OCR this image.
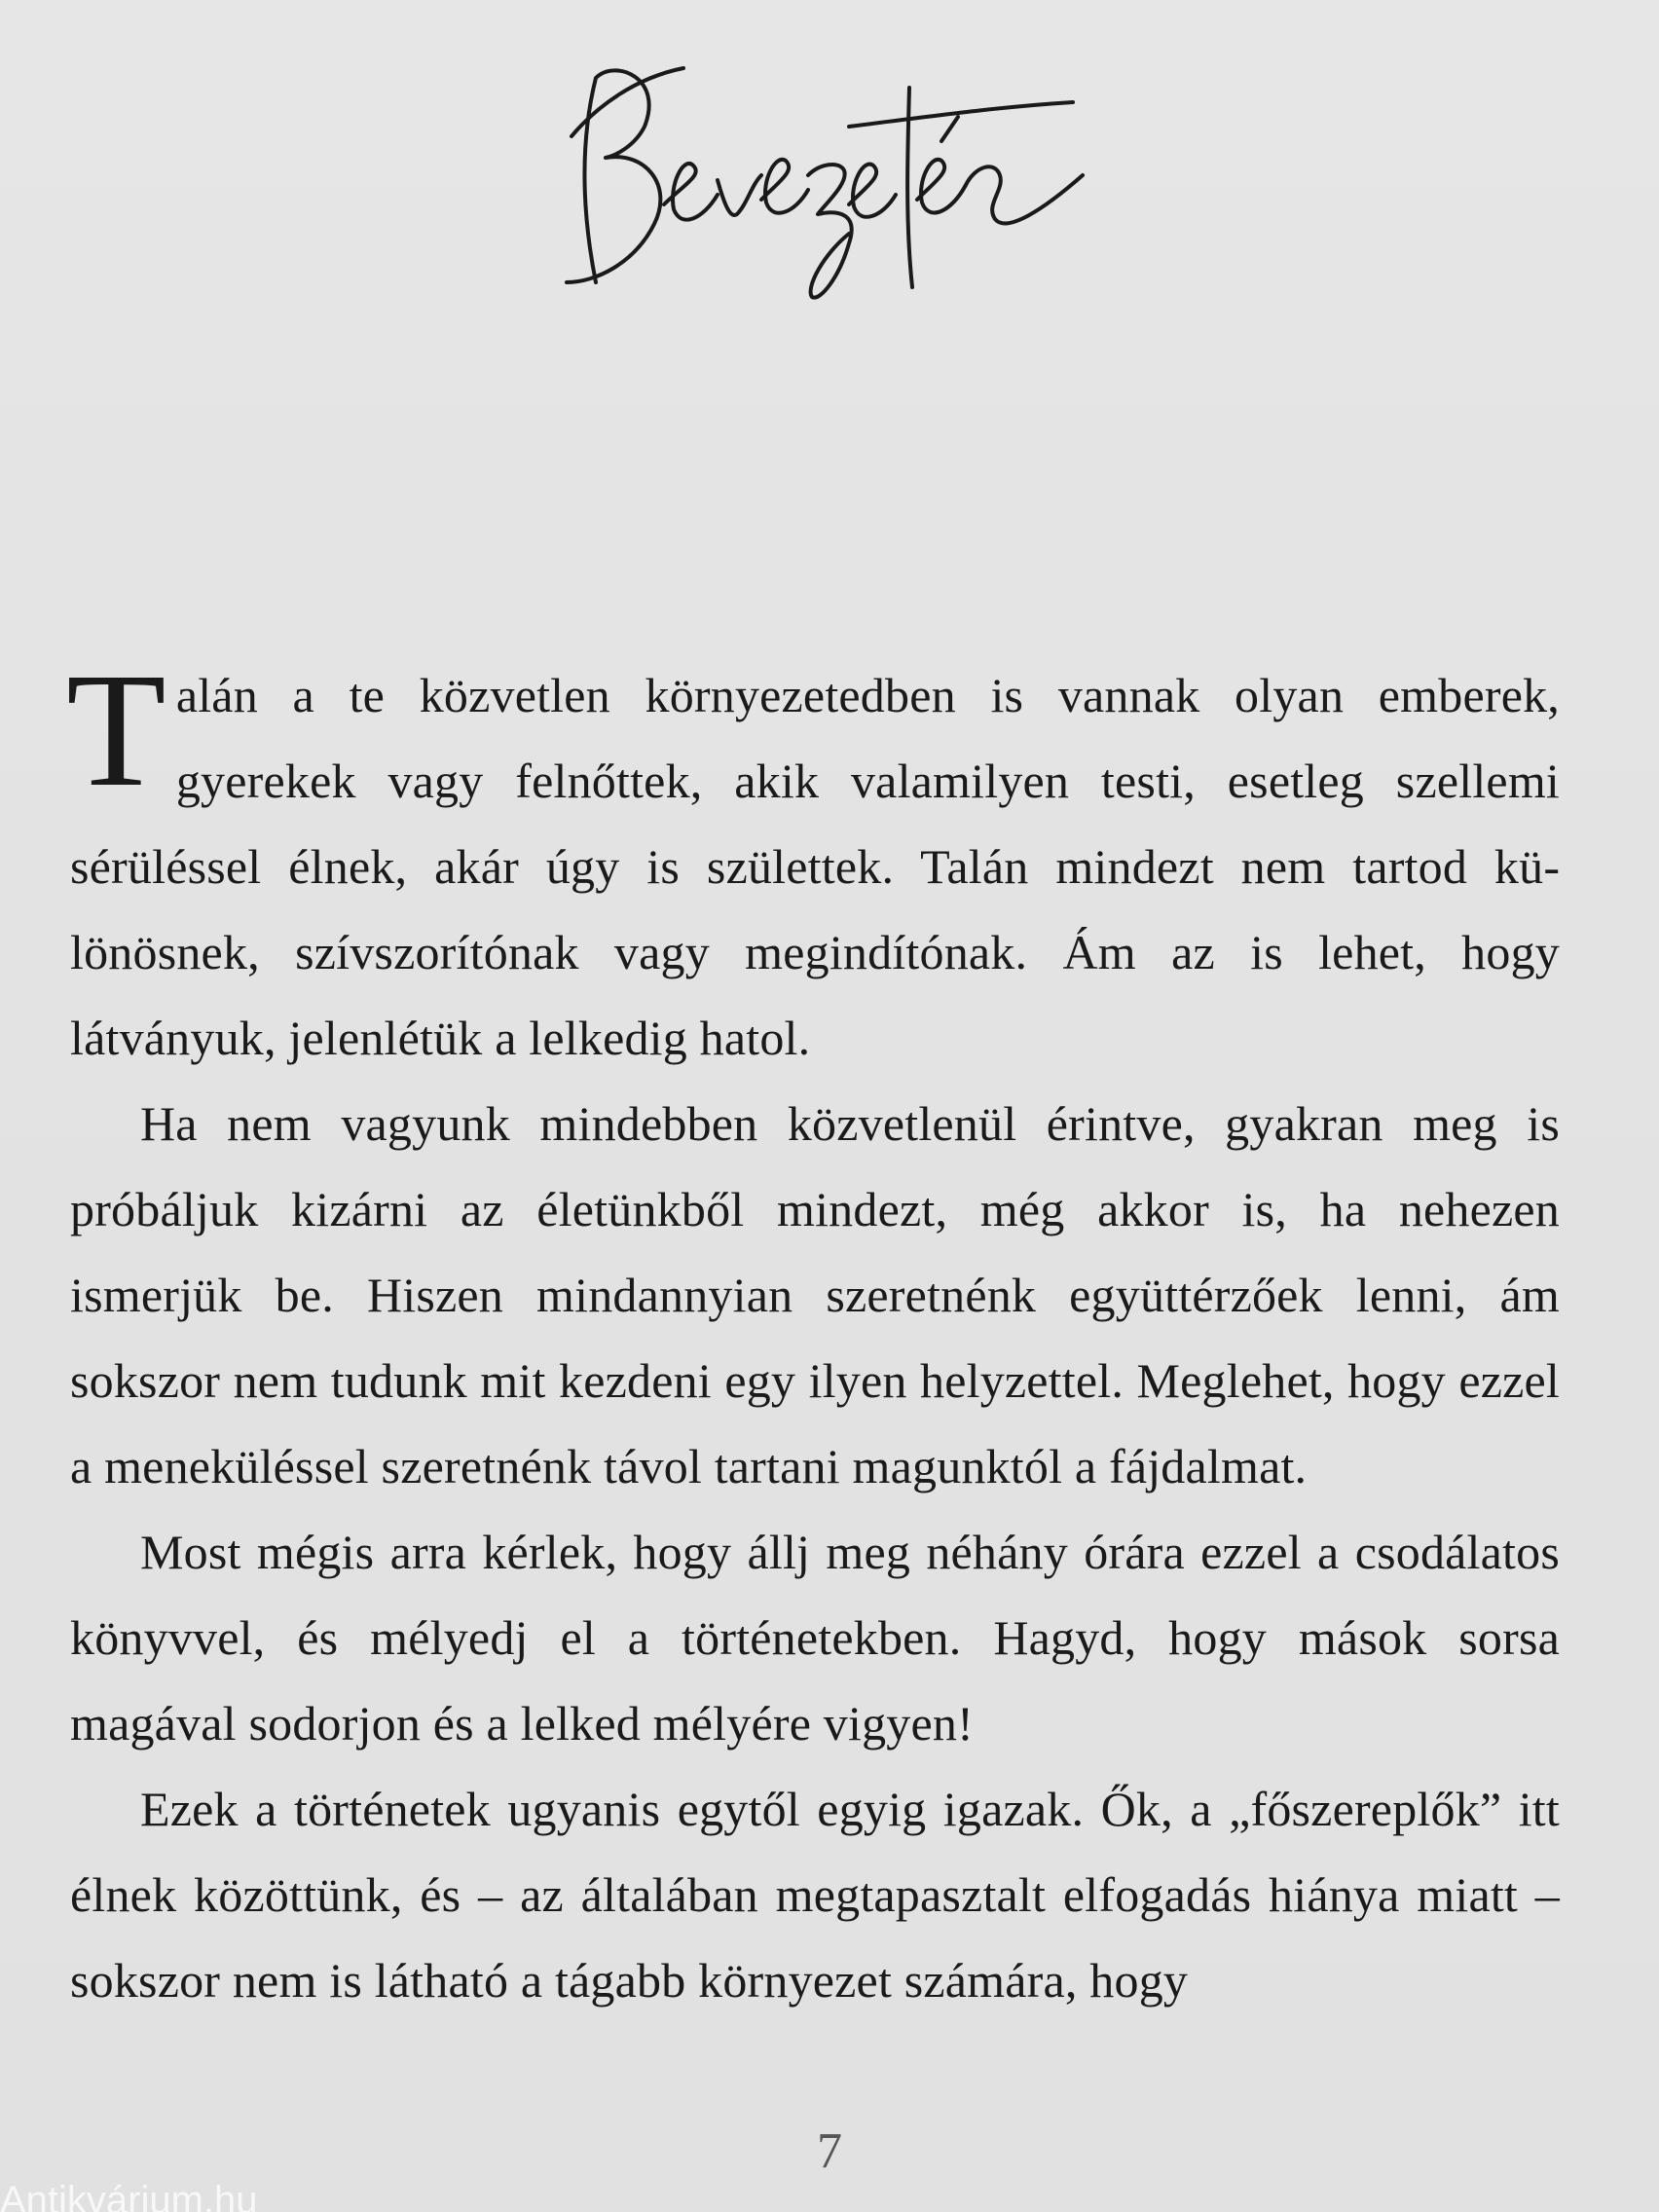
Talán a te közvetlen környezetedben is vannak olyan emberek, gyerekek vagy felnőttek, akik valamilyen testi, esetleg szellemi sérüléssel élnek, akár úgy is születtek. Talán mindezt nem tartod különösnek, szívszorítónak vagy megindítónak. Ám az is lehet, hogy látványuk, jelenlétük a lelkedig hatol.

Ha nem vagyunk mindebben közvetlenül érintve, gyakran meg is próbáljuk kizárni az életünkből mindezt, még akkor is, ha nehezen ismerjük be. Hiszen mindannyian szeretnénk együttérzőek lenni, ám sokszor nem tudunk mit kezdeni egy ilyen helyzettel. Meglehet, hogy ezzel a meneküléssel szeretnénk távol tartani magunktól a fájdalmat.

Most mégis arra kérlek, hogy állj meg néhány órára ezzel a csodálatos könyvvel, és mélyedj el a történetekben. Hagyd, hogy mások sorsa magával sodorjon és a lelked mélyére vigyen!

Ezek a történetek ugyanis egytől egyig igazak. Ők, a „főszereplők” itt élnek közöttünk, és – az általában megtapasztalt elfogadás hiánya miatt – sokszor nem is látható a tágabb környezet számára, hogy

7
Antikvárium.hu
